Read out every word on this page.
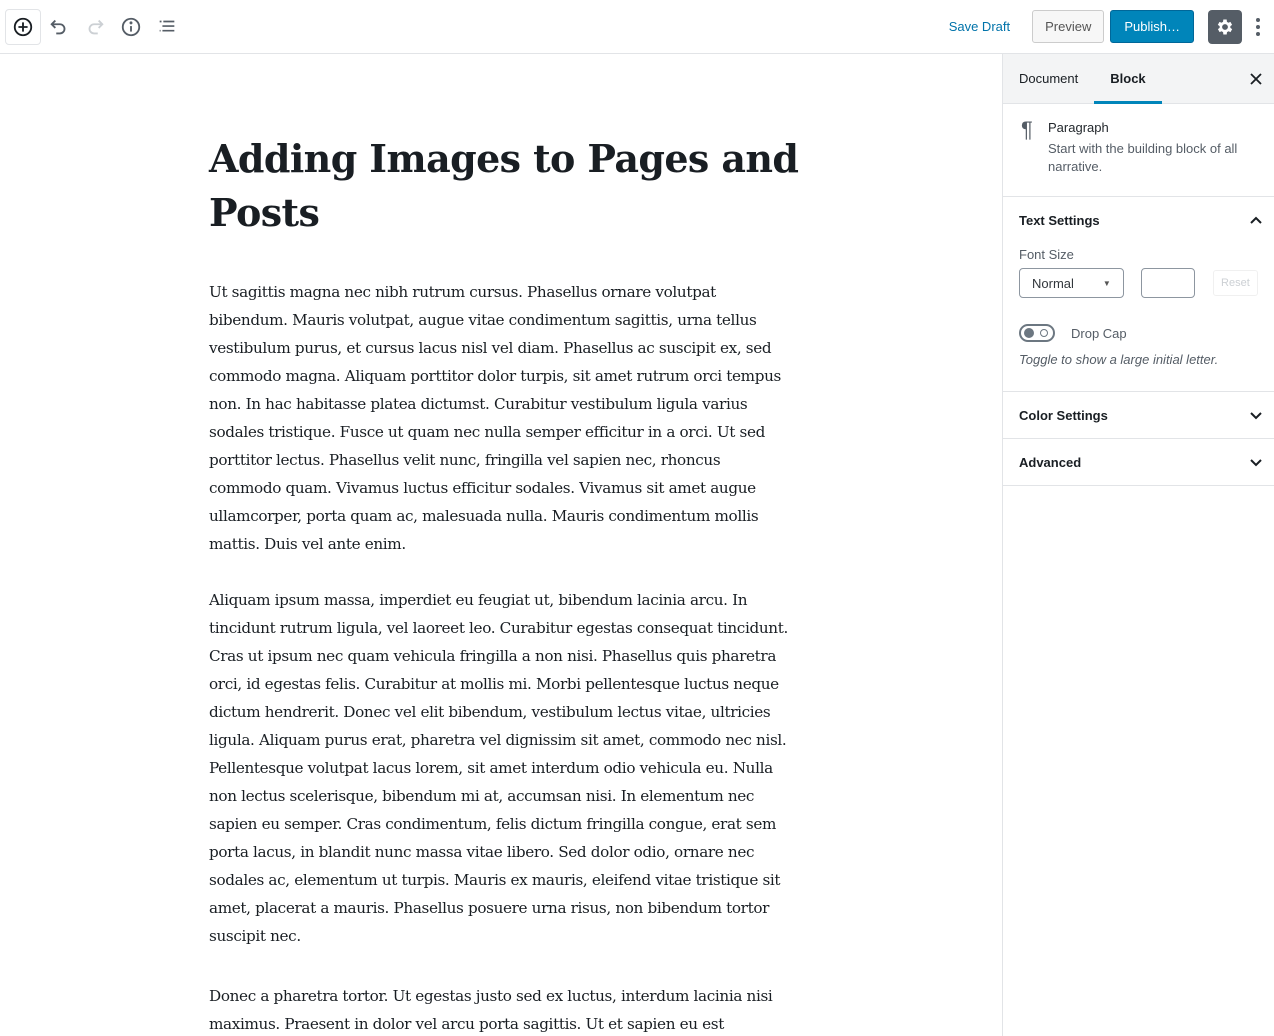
Save Draft	Preview	Publish…
Adding Images to Pages and Posts

Ut sagittis magna nec nibh rutrum cursus. Phasellus ornare volutpat bibendum. Mauris volutpat, augue vitae condimentum sagittis, urna tellus vestibulum purus, et cursus lacus nisl vel diam. Phasellus ac suscipit ex, sed commodo magna. Aliquam porttitor dolor turpis, sit amet rutrum orci tempus non. In hac habitasse platea dictumst. Curabitur vestibulum ligula varius sodales tristique. Fusce ut quam nec nulla semper efficitur in a orci. Ut sed porttitor lectus. Phasellus velit nunc, fringilla vel sapien nec, rhoncus commodo quam. Vivamus luctus efficitur sodales. Vivamus sit amet augue ullamcorper, porta quam ac, malesuada nulla. Mauris condimentum mollis mattis. Duis vel ante enim.

Aliquam ipsum massa, imperdiet eu feugiat ut, bibendum lacinia arcu. In tincidunt rutrum ligula, vel laoreet leo. Curabitur egestas consequat tincidunt. Cras ut ipsum nec quam vehicula fringilla a non nisi. Phasellus quis pharetra orci, id egestas felis. Curabitur at mollis mi. Morbi pellentesque luctus neque dictum hendrerit. Donec vel elit bibendum, vestibulum lectus vitae, ultricies ligula. Aliquam purus erat, pharetra vel dignissim sit amet, commodo nec nisl. Pellentesque volutpat lacus lorem, sit amet interdum odio vehicula eu. Nulla non lectus scelerisque, bibendum mi at, accumsan nisi. In elementum nec sapien eu semper. Cras condimentum, felis dictum fringilla congue, erat sem porta lacus, in blandit nunc massa vitae libero. Sed dolor odio, ornare nec sodales ac, elementum ut turpis. Mauris ex mauris, eleifend vitae tristique sit amet, placerat a mauris. Phasellus posuere urna risus, non bibendum tortor suscipit nec.

Donec a pharetra tortor. Ut egestas justo sed ex luctus, interdum lacinia nisi maximus. Praesent in dolor vel arcu porta sagittis. Ut et sapien eu est

Document	Block
¶	Paragraph
Start with the building block of all narrative.
Text Settings
Font Size
Normal	▼	Reset
Drop Cap
Toggle to show a large initial letter.
Color Settings
Advanced
